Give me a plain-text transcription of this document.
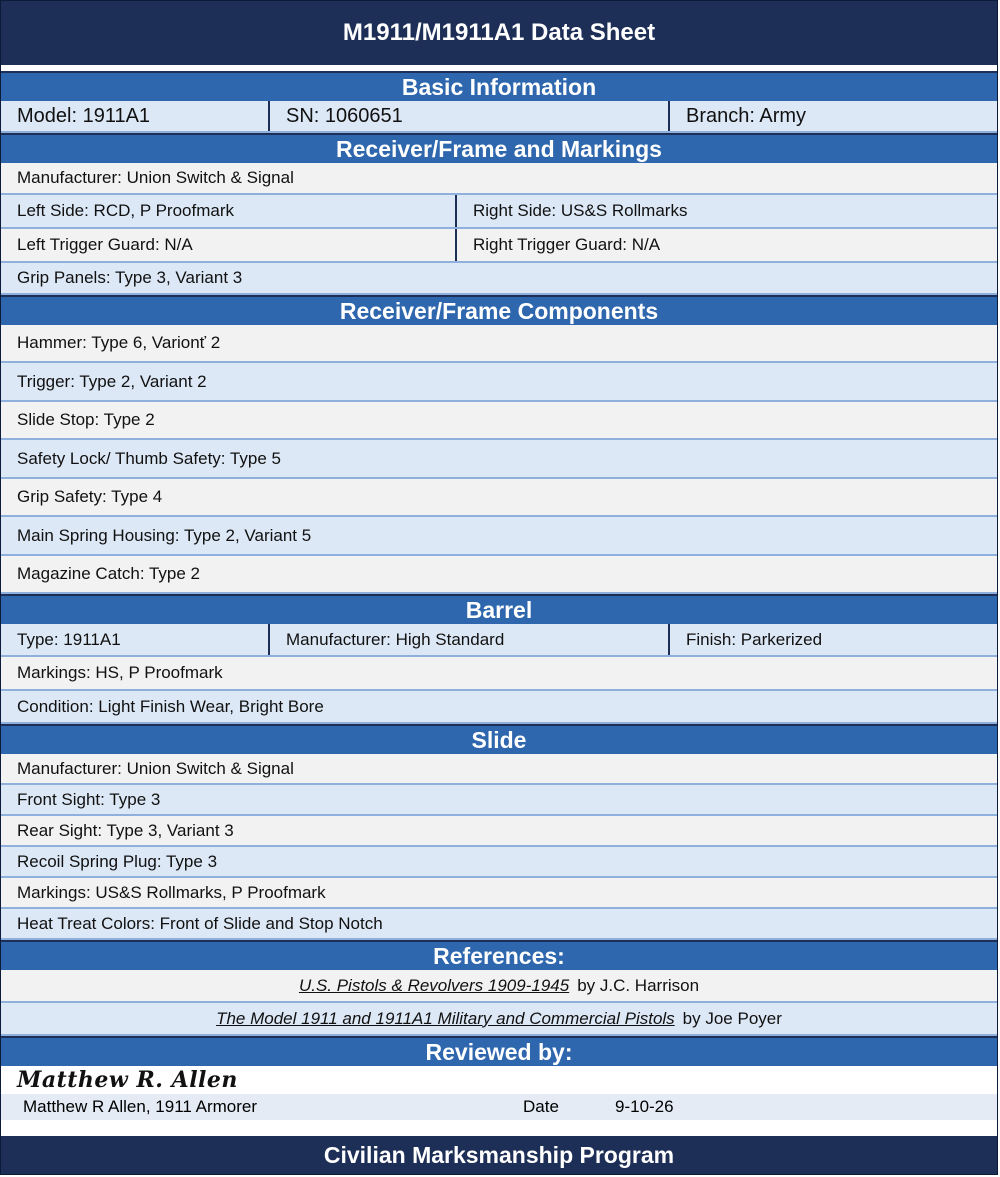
M1911/M1911A1 Data Sheet
Basic Information
Model: 1911A1	SN: 1060651	Branch: Army
Receiver/Frame and Markings
Manufacturer: Union Switch & Signal
Left Side: RCD, P Proofmark	Right Side: US&S Rollmarks
Left Trigger Guard: N/A	Right Trigger Guard: N/A
Grip Panels: Type 3, Variant 3
Receiver/Frame Components
Hammer: Type 6, Varionť 2
Trigger: Type 2, Variant 2
Slide Stop: Type 2
Safety Lock/ Thumb Safety: Type 5
Grip Safety: Type 4
Main Spring Housing: Type 2, Variant 5
Magazine Catch: Type 2
Barrel
Type: 1911A1	Manufacturer: High Standard	Finish: Parkerized
Markings: HS, P Proofmark
Condition: Light Finish Wear, Bright Bore
Slide
Manufacturer: Union Switch & Signal
Front Sight: Type 3
Rear Sight: Type 3, Variant 3
Recoil Spring Plug: Type 3
Markings: US&S Rollmarks, P Proofmark
Heat Treat Colors: Front of Slide and Stop Notch
References:
U.S. Pistols & Revolvers 1909-1945 by J.C. Harrison
The Model 1911 and 1911A1 Military and Commercial Pistols by Joe Poyer
Reviewed by:
Matthew R. Allen
Matthew R Allen, 1911 Armorer	Date	9-10-26
Civilian Marksmanship Program
